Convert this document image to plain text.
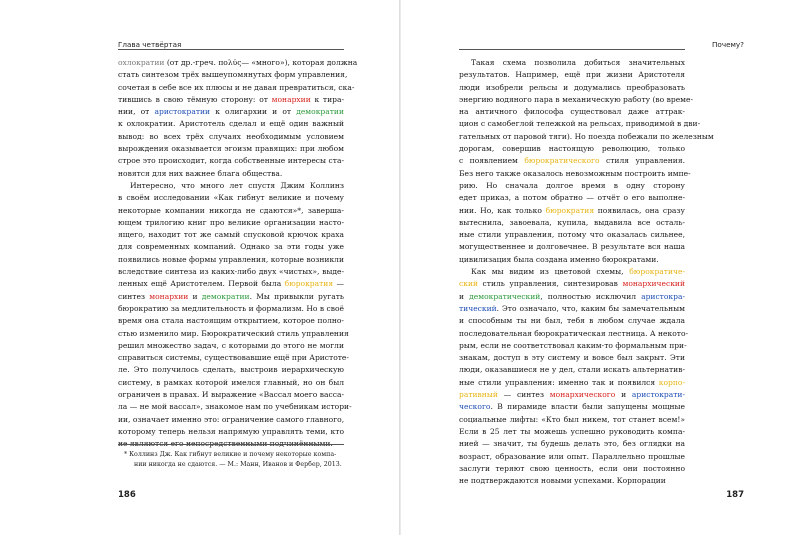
Глава четвёртая
охлократии (от др.-греч. πολύς— «много»), которая должна
стать синтезом трёх вышеупомянутых форм управления,
сочетая в себе все их плюсы и не давая превратиться, ска-
тившись в свою тёмную сторону: от монархии к тира-
нии, от аристократии к олигархии и от демократии
к охлократии. Аристотель сделал и ещё один важный
вывод: во всех трёх случаях необходимым условием
вырождения оказывается эгоизм правящих: при любом
строе это происходит, когда собственные интересы ста-
новятся для них важнее блага общества.
Интересно, что много лет спустя Джим Коллинз
в своём исследовании «Как гибнут великие и почему
некоторые компании никогда не сдаются»*, заверша-
ющем трилогию книг про великие организации насто-
ящего, находит тот же самый спусковой крючок краха
для современных компаний. Однако за эти годы уже
появились новые формы управления, которые возникли
вследствие синтеза из каких-либо двух «чистых», выде-
ленных ещё Аристотелем. Первой была бюрократия —
синтез монархии и демократии. Мы привыкли ругать
бюрократию за медлительность и формализм. Но в своё
время она стала настоящим открытием, которое полно-
стью изменило мир. Бюрократический стиль управления
решил множество задач, с которыми до этого не могли
справиться системы, существовавшие ещё при Аристоте-
ле. Это получилось сделать, выстроив иерархическую
систему, в рамках которой имелся главный, но он был
ограничен в правах. И выражение «Вассал моего васса-
ла — не мой вассал», знакомое нам по учебникам истори-
ии, означает именно это: ограничение самого главного,
которому теперь нельзя напрямую управлять теми, кто
не являются его непосредственными подчинёнными.
* Коллинз Дж. Как гибнут великие и почему некоторые компа-
нии никогда не сдаются. — М.: Манн, Иванов и Фербер, 2013.
186
Почему?
Такая схема позволила добиться значительных
результатов. Например, ещё при жизни Аристотеля
люди изобрели рельсы и додумались преобразовать
энергию водяного пара в механическую работу (во време-
на античного философа существовал даже аттрак-
цион с самобеглой тележкой на рельсах, приводимой в дви-
гательных от паровой тяги). Но поезда побежали по железным
дорогам, совершив настоящую революцию, только
с появлением бюрократического стиля управления.
Без него также оказалось невозможным построить импе-
рию. Но сначала долгое время в одну сторону
едет приказ, а потом обратно — отчёт о его выполне-
нии. Но, как только бюрократия появилась, она сразу
вытеснила, завоевала, купила, выдавила все осталь-
ные стили управления, потому что оказалась сильнее,
могущественнее и долговечнее. В результате вся наша
цивилизация была создана именно бюрократами.
Как мы видим из цветовой схемы, бюрократиче-
ский стиль управления, синтезировав монархический
и демократический, полностью исключил аристокра-
тический. Это означало, что, каким бы замечательным
и способным ты ни был, тебя в любом случае ждала
последовательная бюрократическая лестница. А некото-
рым, если не соответствовал каким-то формальным при-
знакам, доступ в эту систему и вовсе был закрыт. Эти
люди, оказавшиеся не у дел, стали искать альтернатив-
ные стили управления: именно так и появился корпо-
ративный — синтез монархического и аристократи-
ческого. В пирамиде власти были запущены мощные
социальные лифты: «Кто был никем, тот станет всем!»
Если в 25 лет ты можешь успешно руководить компа-
нией — значит, ты будешь делать это, без оглядки на
возраст, образование или опыт. Параллельно прошлые
заслуги теряют свою ценность, если они постоянно
не подтверждаются новыми успехами. Корпорации
187
